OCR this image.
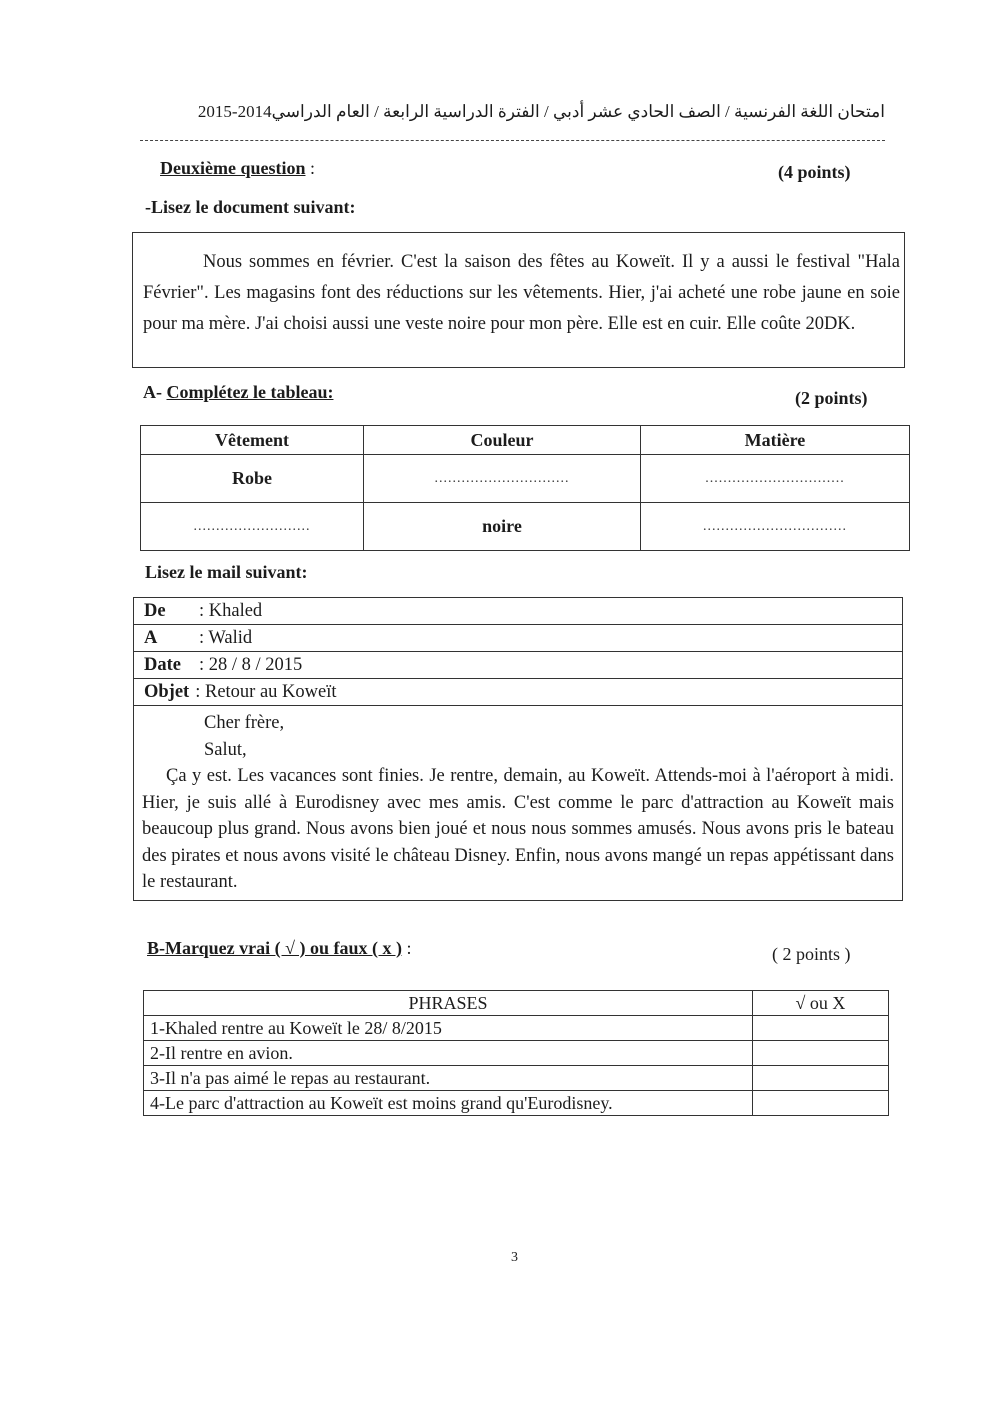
امتحان اللغة الفرنسية / الصف الحادي عشر أدبي / الفترة الدراسية الرابعة / العام الدراسي2014-2015
Deuxième question :	(4 points)
-Lisez le document suivant:

Nous sommes en février. C'est la saison des fêtes au Koweït. Il y a aussi le festival "Hala Février". Les magasins font des réductions sur les vêtements. Hier, j'ai acheté une robe jaune en soie pour ma mère. J'ai choisi aussi une veste noire pour mon père. Elle est en cuir. Elle coûte 20DK.

A- Complétez le tableau:	(2 points)
Vêtement	Couleur	Matière
Robe	..............................	...............................
..........................	noire	................................
Lisez le mail suivant:
De	: Khaled
A	: Walid
Date : 28 / 8 / 2015
Objet : Retour au Koweït
Cher frère,
Salut,
Ça y est. Les vacances sont finies. Je rentre, demain, au Koweït. Attends-moi à l'aéroport à midi. Hier, je suis allé à Eurodisney avec mes amis. C'est comme le parc d'attraction au Koweït mais beaucoup plus grand. Nous avons bien joué et nous nous sommes amusés. Nous avons pris le bateau des pirates et nous avons visité le château Disney. Enfin, nous avons mangé un repas appétissant dans le restaurant.
B-Marquez vrai ( √ ) ou faux ( x ) :	( 2 points )
PHRASES	√ ou X
1-Khaled rentre au Koweït le 28/ 8/2015	
2-Il rentre en avion.	
3-Il n'a pas aimé le repas au restaurant.	
4-Le parc d'attraction au Koweït est moins grand qu'Eurodisney.	
3
